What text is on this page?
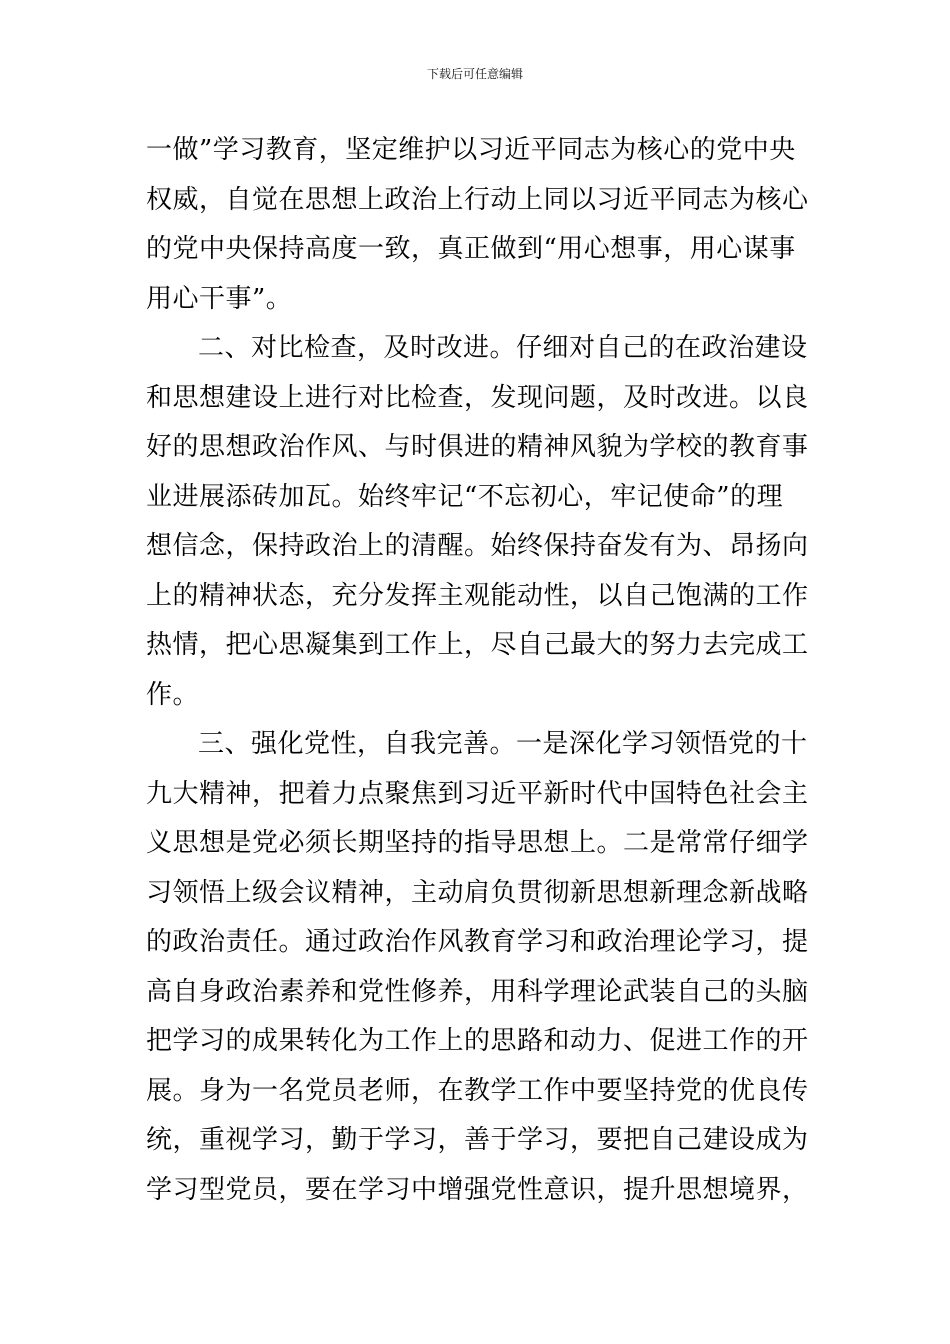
下载后可任意编辑
一做”学习教育，坚定维护以习近平同志为核心的党中央
权威，自觉在思想上政治上行动上同以习近平同志为核心
的党中央保持高度一致，真正做到“用心想事，用心谋事
用心干事”。
二、对比检查，及时改进。仔细对自己的在政治建设
和思想建设上进行对比检查，发现问题，及时改进。以良
好的思想政治作风、与时俱进的精神风貌为学校的教育事
业进展添砖加瓦。始终牢记“不忘初心，牢记使命”的理
想信念，保持政治上的清醒。始终保持奋发有为、昂扬向
上的精神状态，充分发挥主观能动性，以自己饱满的工作
热情，把心思凝集到工作上，尽自己最大的努力去完成工
作。
三、强化党性，自我完善。一是深化学习领悟党的十
九大精神，把着力点聚焦到习近平新时代中国特色社会主
义思想是党必须长期坚持的指导思想上。二是常常仔细学
习领悟上级会议精神，主动肩负贯彻新思想新理念新战略
的政治责任。通过政治作风教育学习和政治理论学习，提
高自身政治素养和党性修养，用科学理论武装自己的头脑
把学习的成果转化为工作上的思路和动力、促进工作的开
展。身为一名党员老师，在教学工作中要坚持党的优良传
统，重视学习，勤于学习，善于学习，要把自己建设成为
学习型党员，要在学习中增强党性意识，提升思想境界，
